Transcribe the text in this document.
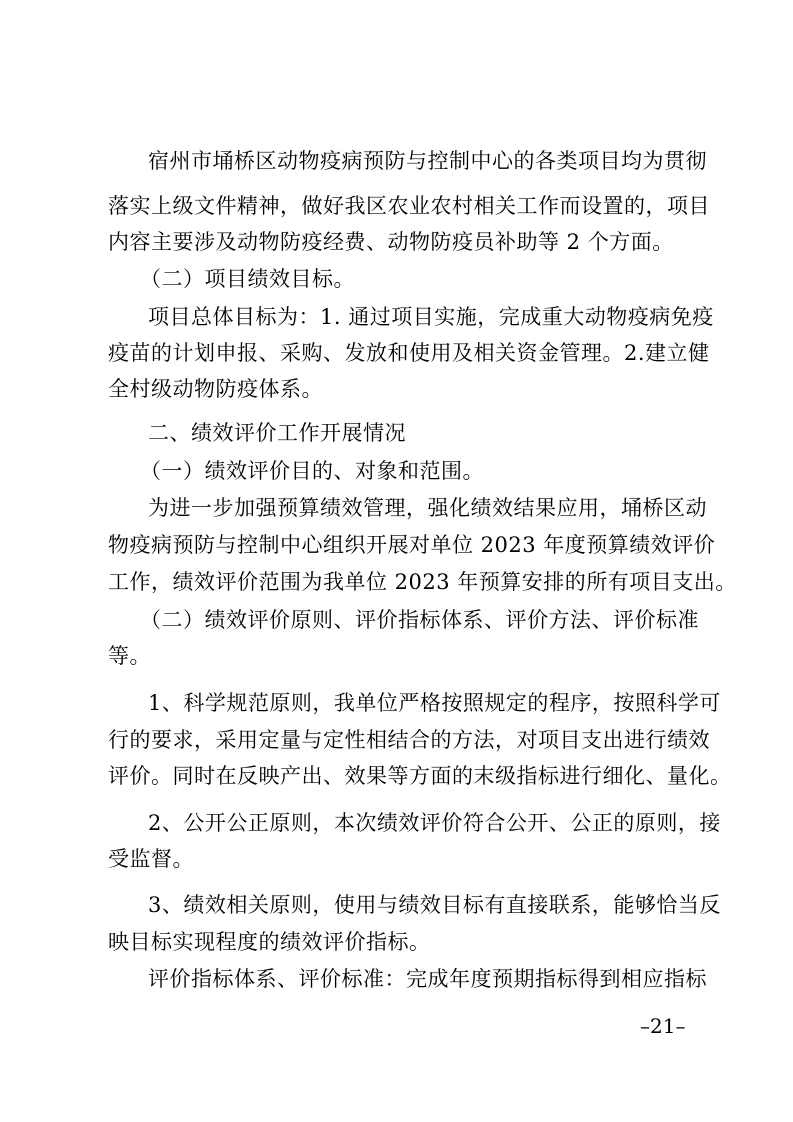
宿州市埇桥区动物疫病预防与控制中心的各类项目均为贯彻
落实上级文件精神，做好我区农业农村相关工作而设置的，项目
内容主要涉及动物防疫经费、动物防疫员补助等 2 个方面。
（二）项目绩效目标。
项目总体目标为：1. 通过项目实施，完成重大动物疫病免疫
疫苗的计划申报、采购、发放和使用及相关资金管理。2.建立健
全村级动物防疫体系。
二、绩效评价工作开展情况
（一）绩效评价目的、对象和范围。
为进一步加强预算绩效管理，强化绩效结果应用，埇桥区动
物疫病预防与控制中心组织开展对单位 2023 年度预算绩效评价
工作，绩效评价范围为我单位 2023 年预算安排的所有项目支出。
（二）绩效评价原则、评价指标体系、评价方法、评价标准
等。
1、科学规范原则，我单位严格按照规定的程序，按照科学可
行的要求，采用定量与定性相结合的方法，对项目支出进行绩效
评价。同时在反映产出、效果等方面的末级指标进行细化、量化。
2、公开公正原则，本次绩效评价符合公开、公正的原则，接
受监督。
3、绩效相关原则，使用与绩效目标有直接联系，能够恰当反
映目标实现程度的绩效评价指标。
评价指标体系、评价标准：完成年度预期指标得到相应指标
–21–
